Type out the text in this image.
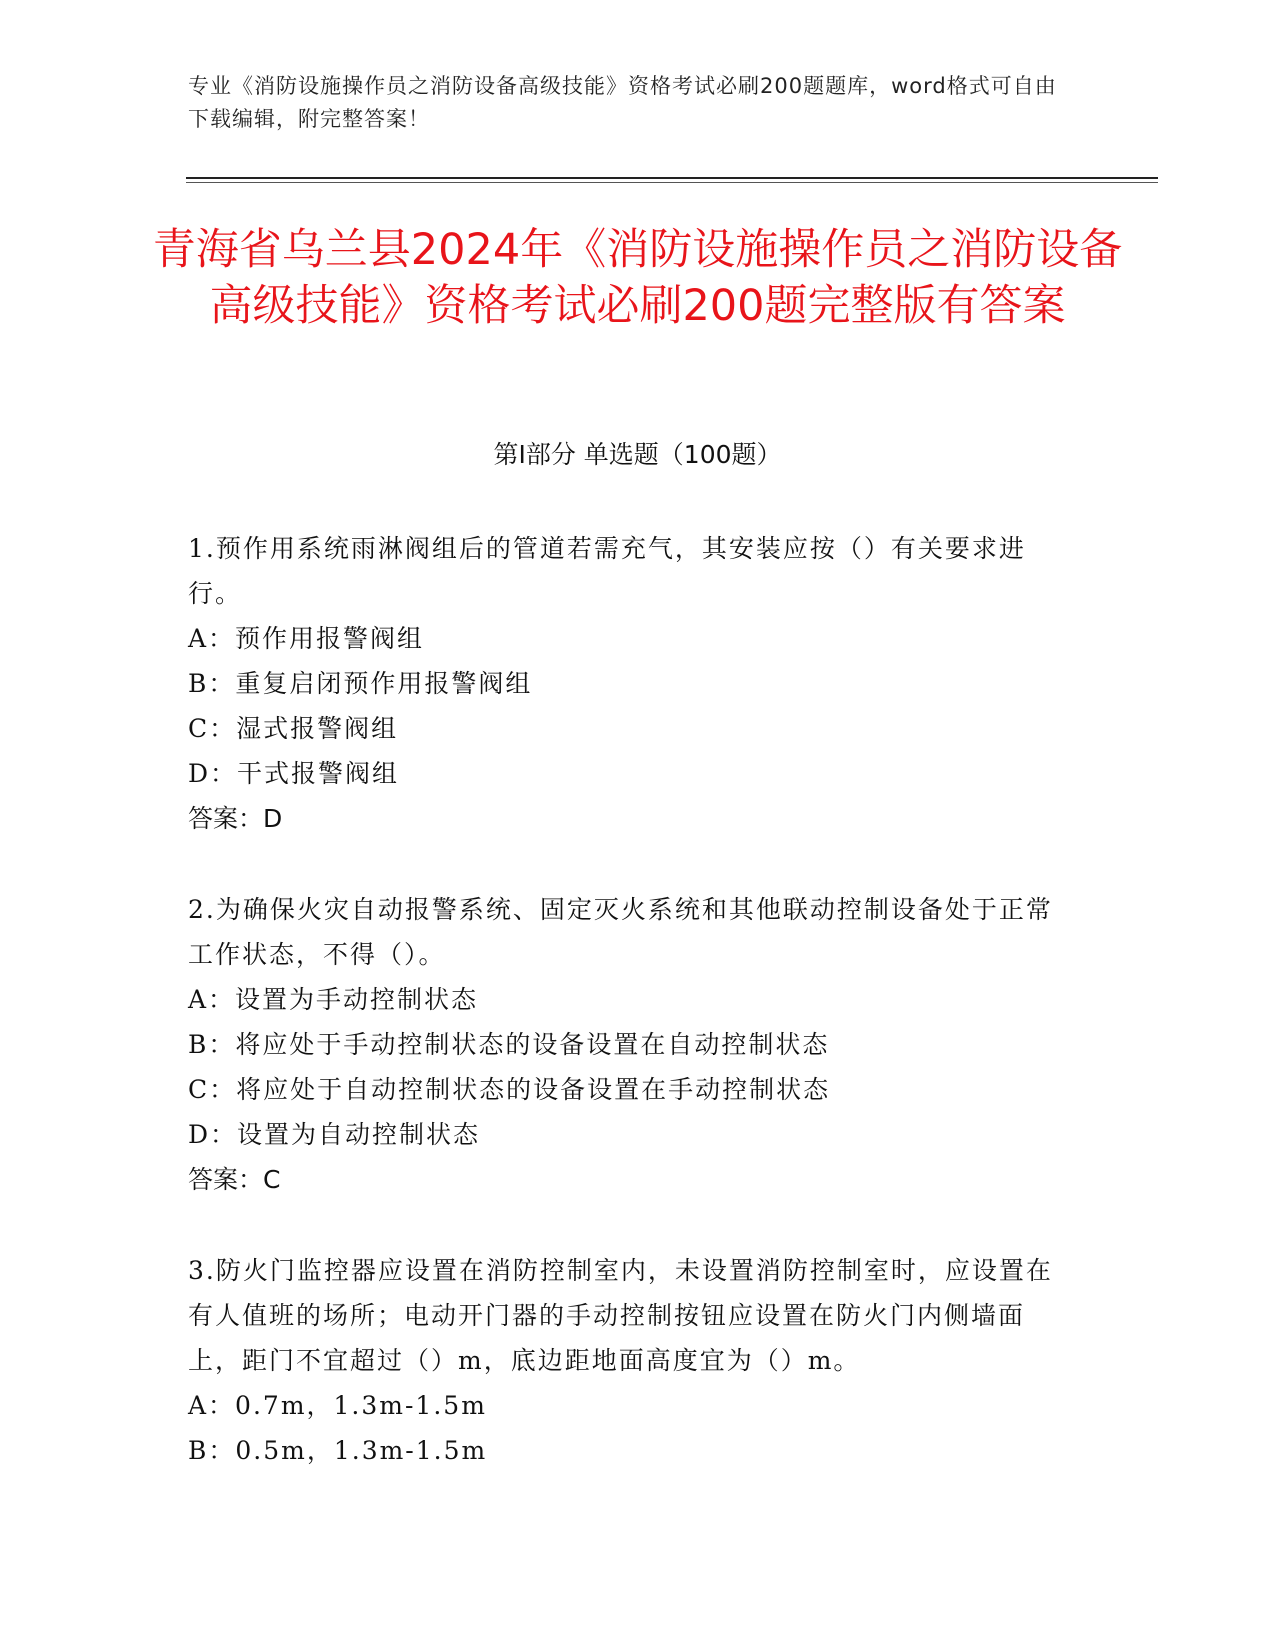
专业《消防设施操作员之消防设备高级技能》资格考试必刷200题题库，word格式可自由下载编辑，附完整答案！
青海省乌兰县2024年《消防设施操作员之消防设备高级技能》资格考试必刷200题完整版有答案
第Ⅰ部分 单选题（100题）
1.预作用系统雨淋阀组后的管道若需充气，其安装应按（）有关要求进行。
A：预作用报警阀组
B：重复启闭预作用报警阀组
C：湿式报警阀组
D：干式报警阀组
答案：D
2.为确保火灾自动报警系统、固定灭火系统和其他联动控制设备处于正常工作状态，不得（）。
A：设置为手动控制状态
B：将应处于手动控制状态的设备设置在自动控制状态
C：将应处于自动控制状态的设备设置在手动控制状态
D：设置为自动控制状态
答案：C
3.防火门监控器应设置在消防控制室内，未设置消防控制室时，应设置在有人值班的场所；电动开门器的手动控制按钮应设置在防火门内侧墙面上，距门不宜超过（）m，底边距地面高度宜为（）m。
A：0.7m，1.3m-1.5m
B：0.5m，1.3m-1.5m
